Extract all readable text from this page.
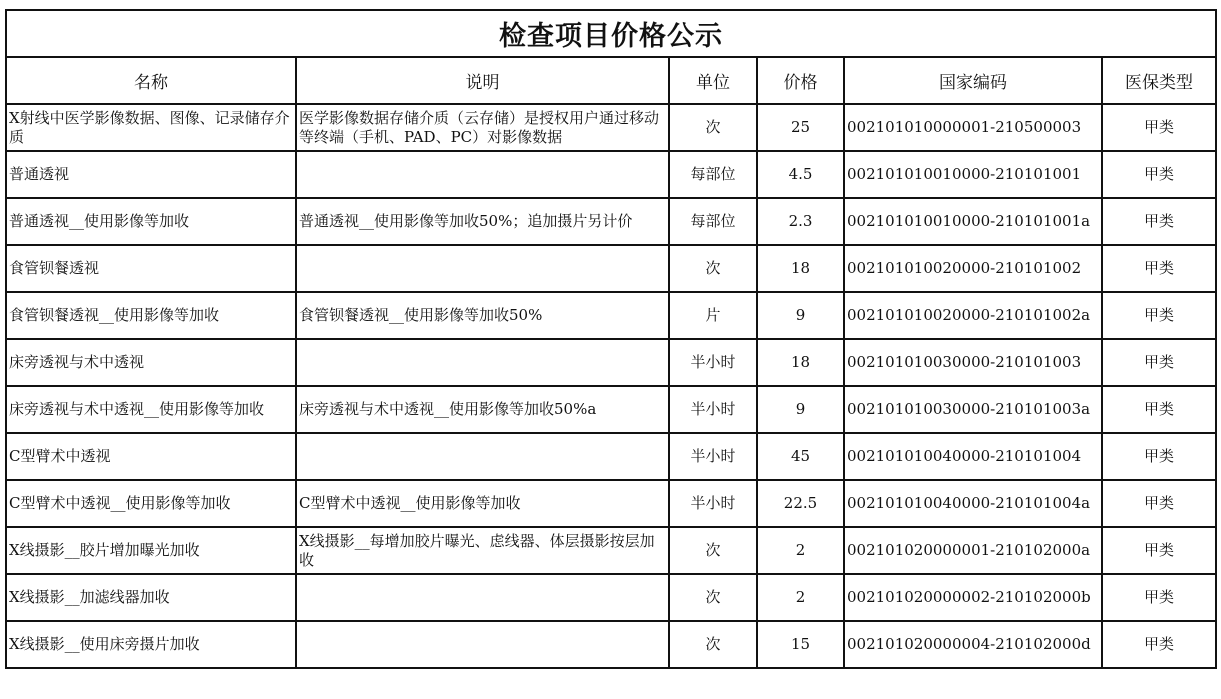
检查项目价格公示					
名称	说明	单位	价格	国家编码	医保类型
X射线中医学影像数据、图像、记录储存介质	医学影像数据存储介质（云存储）是授权用户通过移动等终端（手机、PAD、PC）对影像数据	次	25	002101010000001-210500003	甲类
普通透视		每部位	4.5	002101010010000-210101001	甲类
普通透视__使用影像等加收	普通透视__使用影像等加收50%；追加摄片另计价	每部位	2.3	002101010010000-210101001a	甲类
食管钡餐透视		次	18	002101010020000-210101002	甲类
食管钡餐透视__使用影像等加收	食管钡餐透视__使用影像等加收50%	片	9	002101010020000-210101002a	甲类
床旁透视与术中透视		半小时	18	002101010030000-210101003	甲类
床旁透视与术中透视__使用影像等加收	床旁透视与术中透视__使用影像等加收50%a	半小时	9	002101010030000-210101003a	甲类
C型臂术中透视		半小时	45	002101010040000-210101004	甲类
C型臂术中透视__使用影像等加收	C型臂术中透视__使用影像等加收	半小时	22.5	002101010040000-210101004a	甲类
X线摄影__胶片增加曝光加收	X线摄影__每增加胶片曝光、虑线器、体层摄影按层加收	次	2	002101020000001-210102000a	甲类
X线摄影__加滤线器加收		次	2	002101020000002-210102000b	甲类
X线摄影__使用床旁摄片加收		次	15	002101020000004-210102000d	甲类
